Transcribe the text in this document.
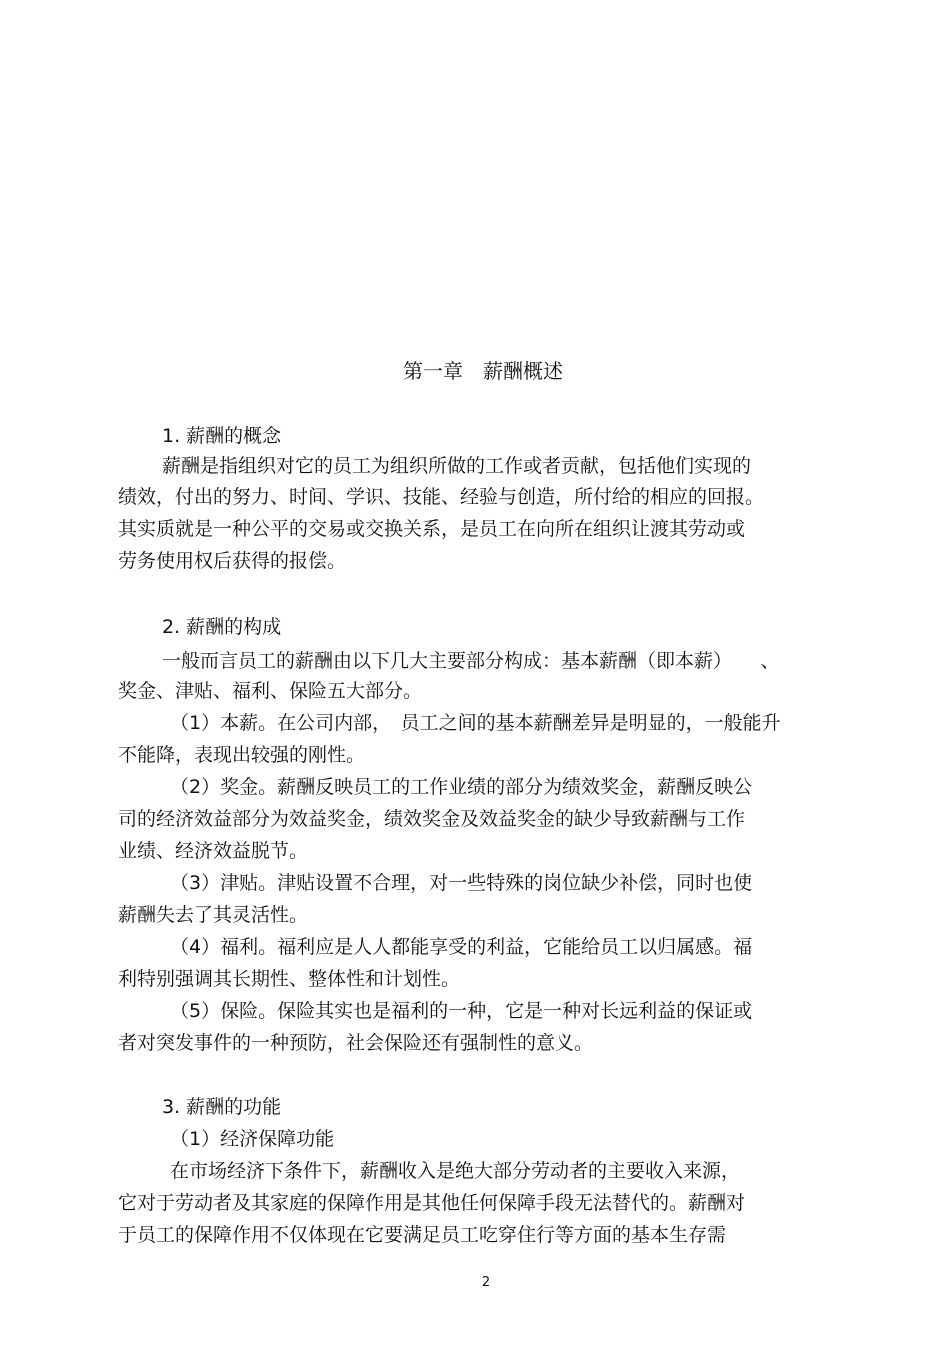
第一章　薪酬概述
1. 薪酬的概念
薪酬是指组织对它的员工为组织所做的工作或者贡献，包括他们实现的
绩效，付出的努力、时间、学识、技能、经验与创造，所付给的相应的回报。
其实质就是一种公平的交易或交换关系，是员工在向所在组织让渡其劳动或
劳务使用权后获得的报偿。
2. 薪酬的构成
一般而言员工的薪酬由以下几大主要部分构成：基本薪酬（即本薪）　　、
奖金、津贴、福利、保险五大部分。
（1）本薪。在公司内部，　员工之间的基本薪酬差异是明显的，一般能升
不能降，表现出较强的刚性。
（2）奖金。薪酬反映员工的工作业绩的部分为绩效奖金，薪酬反映公
司的经济效益部分为效益奖金，绩效奖金及效益奖金的缺少导致薪酬与工作
业绩、经济效益脱节。
（3）津贴。津贴设置不合理，对一些特殊的岗位缺少补偿，同时也使
薪酬失去了其灵活性。
（4）福利。福利应是人人都能享受的利益，它能给员工以归属感。福
利特别强调其长期性、整体性和计划性。
（5）保险。保险其实也是福利的一种，它是一种对长远利益的保证或
者对突发事件的一种预防，社会保险还有强制性的意义。
3. 薪酬的功能
（1）经济保障功能
在市场经济下条件下，薪酬收入是绝大部分劳动者的主要收入来源，
它对于劳动者及其家庭的保障作用是其他任何保障手段无法替代的。薪酬对
于员工的保障作用不仅体现在它要满足员工吃穿住行等方面的基本生存需
2
